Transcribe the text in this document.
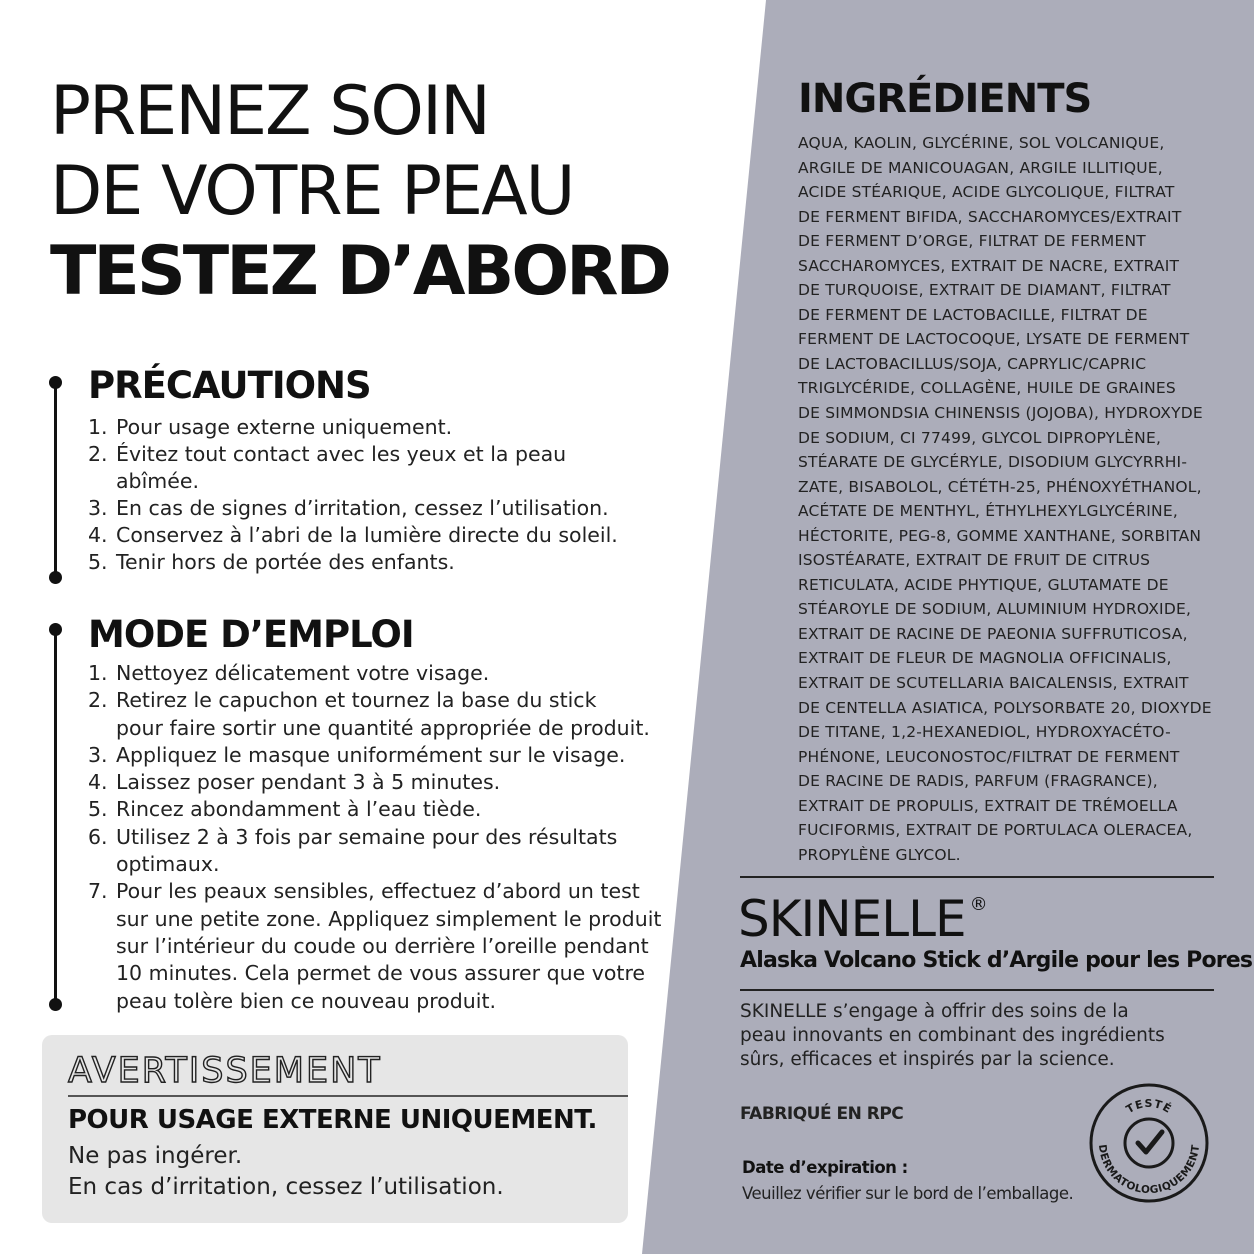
PRENEZ SOIN
DE VOTRE PEAU
TESTEZ D’ABORD
PRÉCAUTIONS
1. Pour usage externe uniquement.
2. Évitez tout contact avec les yeux et la peau
abîmée.
3. En cas de signes d’irritation, cessez l’utilisation.
4. Conservez à l’abri de la lumière directe du soleil.
5. Tenir hors de portée des enfants.
MODE D’EMPLOI
1. Nettoyez délicatement votre visage.
2. Retirez le capuchon et tournez la base du stick
pour faire sortir une quantité appropriée de produit.
3. Appliquez le masque uniformément sur le visage.
4. Laissez poser pendant 3 à 5 minutes.
5. Rincez abondamment à l’eau tiède.
6. Utilisez 2 à 3 fois par semaine pour des résultats
optimaux.
7. Pour les peaux sensibles, effectuez d’abord un test
sur une petite zone. Appliquez simplement le produit
sur l’intérieur du coude ou derrière l’oreille pendant
10 minutes. Cela permet de vous assurer que votre
peau tolère bien ce nouveau produit.
AVERTISSEMENT
POUR USAGE EXTERNE UNIQUEMENT.
Ne pas ingérer.
En cas d’irritation, cessez l’utilisation.
INGRÉDIENTS
AQUA, KAOLIN, GLYCÉRINE, SOL VOLCANIQUE,
ARGILE DE MANICOUAGAN, ARGILE ILLITIQUE,
ACIDE STÉARIQUE, ACIDE GLYCOLIQUE, FILTRAT
DE FERMENT BIFIDA, SACCHAROMYCES/EXTRAIT
DE FERMENT D’ORGE, FILTRAT DE FERMENT
SACCHAROMYCES, EXTRAIT DE NACRE, EXTRAIT
DE TURQUOISE, EXTRAIT DE DIAMANT, FILTRAT
DE FERMENT DE LACTOBACILLE, FILTRAT DE
FERMENT DE LACTOCOQUE, LYSATE DE FERMENT
DE LACTOBACILLUS/SOJA, CAPRYLIC/CAPRIC
TRIGLYCÉRIDE, COLLAGÈNE, HUILE DE GRAINES
DE SIMMONDSIA CHINENSIS (JOJOBA), HYDROXYDE
DE SODIUM, CI 77499, GLYCOL DIPROPYLÈNE,
STÉARATE DE GLYCÉRYLE, DISODIUM GLYCYRRHI-
ZATE, BISABOLOL, CÉTÉTH-25, PHÉNOXYÉTHANOL,
ACÉTATE DE MENTHYL, ÉTHYLHEXYLGLYCÉRINE,
HÉCTORITE, PEG-8, GOMME XANTHANE, SORBITAN
ISOSTÉARATE, EXTRAIT DE FRUIT DE CITRUS
RETICULATA, ACIDE PHYTIQUE, GLUTAMATE DE
STÉAROYLE DE SODIUM, ALUMINIUM HYDROXIDE,
EXTRAIT DE RACINE DE PAEONIA SUFFRUTICOSA,
EXTRAIT DE FLEUR DE MAGNOLIA OFFICINALIS,
EXTRAIT DE SCUTELLARIA BAICALENSIS, EXTRAIT
DE CENTELLA ASIATICA, POLYSORBATE 20, DIOXYDE
DE TITANE, 1,2-HEXANEDIOL, HYDROXYACÉTO-
PHÉNONE, LEUCONOSTOC/FILTRAT DE FERMENT
DE RACINE DE RADIS, PARFUM (FRAGRANCE),
EXTRAIT DE PROPULIS, EXTRAIT DE TRÉMOELLA
FUCIFORMIS, EXTRAIT DE PORTULACA OLERACEA,
PROPYLÈNE GLYCOL.
SKINELLE ®
Alaska Volcano Stick d’Argile pour les Pores
SKINELLE s’engage à offrir des soins de la peau innovants en combinant des ingrédients sûrs, efficaces et inspirés par la science.
FABRIQUÉ EN RPC
Date d’expiration :
Veuillez vérifier sur le bord de l’emballage.
TESTÉ
DERMATOLOGIQUEMENT
